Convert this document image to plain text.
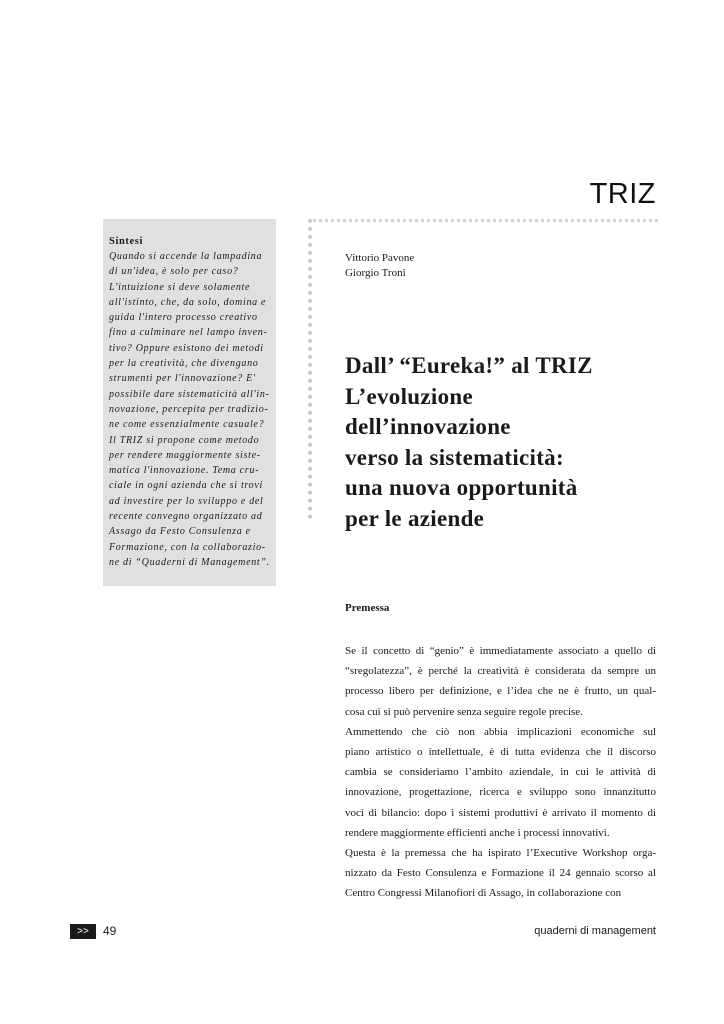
TRIZ
Sintesi
Quando si accende la lampadina
di un'idea, è solo per caso?
L'intuizione si deve solamente
all'istinto, che, da solo, domina e
guida l'intero processo creativo
fino a culminare nel lampo inven-
tivo? Oppure esistono dei metodi
per la creatività, che divengano
strumenti per l'innovazione? E'
possibile dare sistematicità all'in-
novazione, percepita per tradizio-
ne come essenzialmente casuale?
Il TRIZ si propone come metodo
per rendere maggiormente siste-
matica l'innovazione. Tema cru-
ciale in ogni azienda che si trovi
ad investire per lo sviluppo e del
recente convegno organizzato ad
Assago da Festo Consulenza e
Formazione, con la collaborazio-
ne di “Quaderni di Management”.
Vittorio Pavone
Giorgio Troni
Dall’ “Eureka!” al TRIZ
L’evoluzione
dell’innovazione
verso la sistematicità:
una nuova opportunità
per le aziende
Premessa
Se il concetto di “genio” è immediatamente associato a quello di
“sregolatezza”, è perché la creatività è considerata da sempre un
processo libero per definizione, e l’idea che ne è frutto, un qual-
cosa cui si può pervenire senza seguire regole precise.
Ammettendo che ciò non abbia implicazioni economiche sul
piano artistico o intellettuale, è di tutta evidenza che il discorso
cambia se consideriamo l’ambito aziendale, in cui le attività di
innovazione, progettazione, ricerca e sviluppo sono innanzitutto
voci di bilancio: dopo i sistemi produttivi è arrivato il momento di
rendere maggiormente efficienti anche i processi innovativi.
Questa è la premessa che ha ispirato l’Executive Workshop orga-
nizzato da Festo Consulenza e Formazione il 24 gennaio scorso al
Centro Congressi Milanofiori di Assago, in collaborazione con
>>	49	quaderni di management
